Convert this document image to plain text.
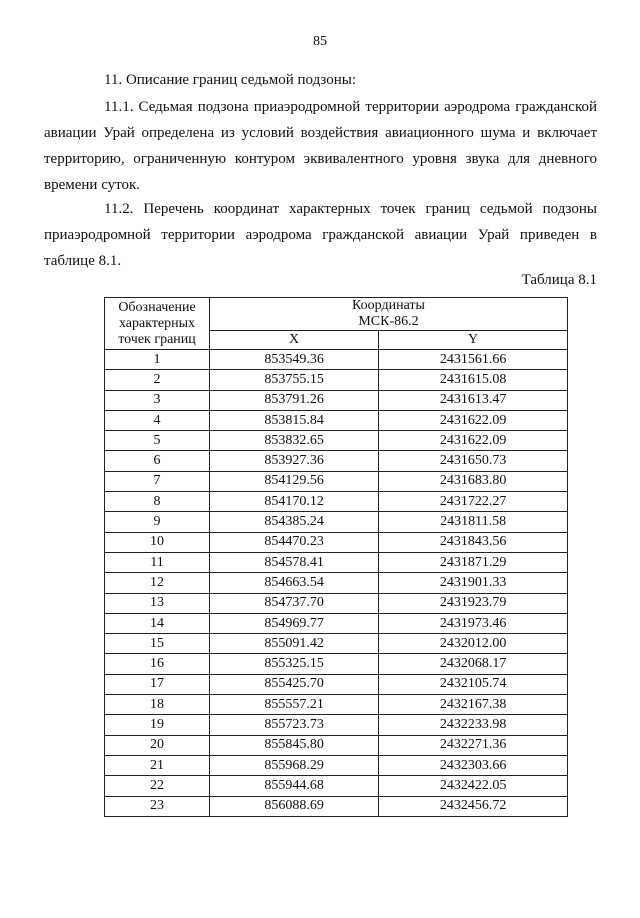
85
11. Описание границ седьмой подзоны:

11.1. Седьмая подзона приаэродромной территории аэродрома гражданской авиации Урай определена из условий воздействия авиационного шума и включает территорию, ограниченную контуром эквивалентного уровня звука для дневного времени суток.

11.2. Перечень координат характерных точек границ седьмой подзоны приаэродромной территории аэродрома гражданской авиации Урай приведен в таблице 8.1.

Таблица 8.1
Обозначение характерных точек границ	Координаты
МСК-86.2	

	X	Y
1	853549.36	2431561.66
2	853755.15	2431615.08
3	853791.26	2431613.47
4	853815.84	2431622.09
5	853832.65	2431622.09
6	853927.36	2431650.73
7	854129.56	2431683.80
8	854170.12	2431722.27
9	854385.24	2431811.58
10	854470.23	2431843.56
11	854578.41	2431871.29
12	854663.54	2431901.33
13	854737.70	2431923.79
14	854969.77	2431973.46
15	855091.42	2432012.00
16	855325.15	2432068.17
17	855425.70	2432105.74
18	855557.21	2432167.38
19	855723.73	2432233.98
20	855845.80	2432271.36
21	855968.29	2432303.66
22	855944.68	2432422.05
23	856088.69	2432456.72
